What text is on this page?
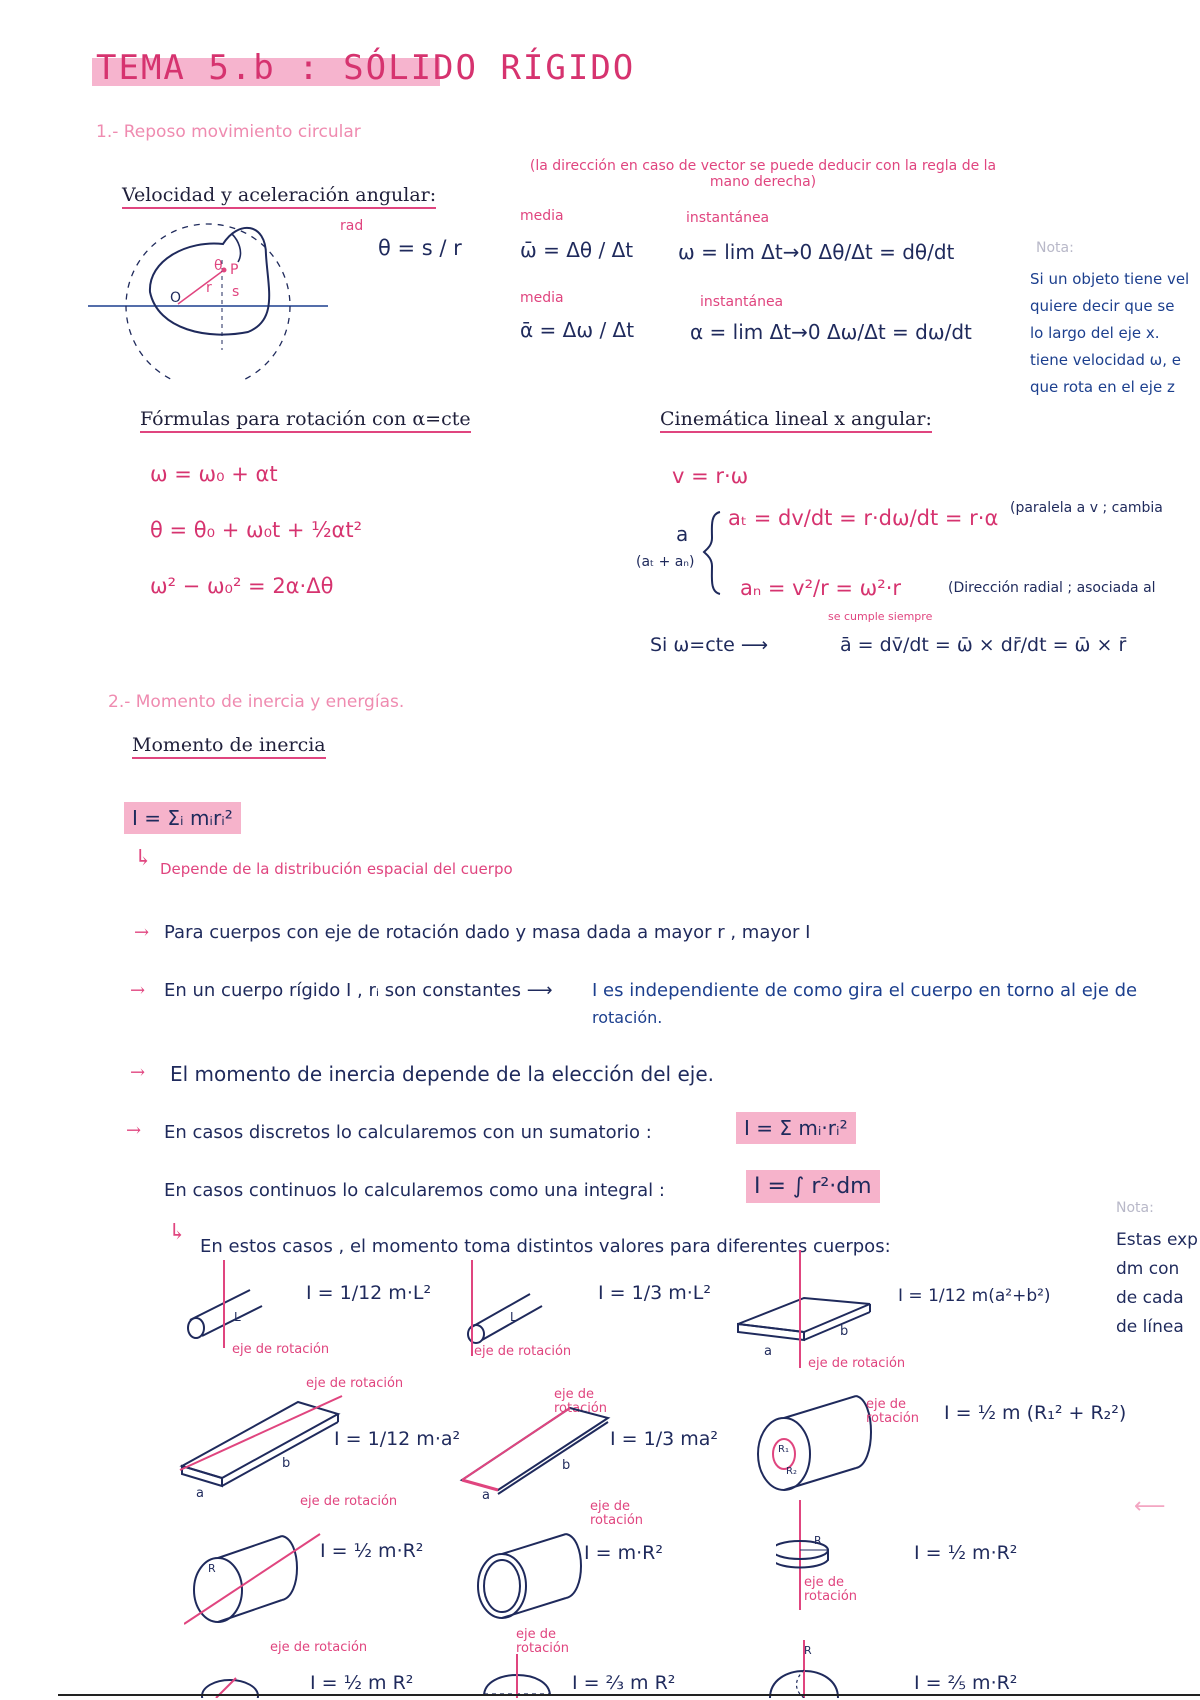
TEMA 5.b : SÓLIDO RÍGIDO
1.- Reposo movimiento circular
Velocidad y aceleración angular:
O
r
P
s
θ
rad
θ = s / r
(la dirección en caso de vector se puede deducir con la regla de la mano derecha)
media
ω̄ = Δθ / Δt
instantánea
ω = lim Δt→0 Δθ/Δt = dθ/dt
media
ᾱ = Δω / Δt
instantánea
α = lim Δt→0 Δω/Δt = dω/dt
Nota:
Si un objeto tiene vel
quiere decir que se
lo largo del eje x.
tiene velocidad ω, e
que rota en el eje z
Fórmulas para rotación con α=cte
ω = ω₀ + αt
θ = θ₀ + ω₀t + ½αt²
ω² − ω₀² = 2α·Δθ
Cinemática lineal x angular:
v = r·ω
a
(aₜ + aₙ)
aₜ = dv/dt = r·dω/dt = r·α (paralela a v ; cambia
aₙ = v²/r = ω²·r	(Dirección radial ; asociada al
se cumple siempre
Si ω=cte ⟶	ā = dv̄/dt = ω̄ × dr̄/dt = ω̄ × r̄
2.- Momento de inercia y energías.
Momento de inercia
I = Σᵢ mᵢrᵢ²
↳ Depende de la distribución espacial del cuerpo
→ Para cuerpos con eje de rotación dado y masa dada a mayor r , mayor I
→ En un cuerpo rígido I , rᵢ son constantes ⟶ I es independiente de como gira el cuerpo en torno al eje de
rotación.
→ El momento de inercia depende de la elección del eje.
→ En casos discretos lo calcularemos con un sumatorio :	I = Σ mᵢ·rᵢ²
En casos continuos lo calcularemos como una integral :	I = ∫ r²·dm
↳
En estos casos , el momento toma distintos valores para diferentes cuerpos:
Nota:
Estas exp
dm con
de cada
de línea
L
I = 1/12 m·L²
eje de rotación
L
I = 1/3 m·L²
eje de rotación	a
b
I = 1/12 m(a²+b²)
eje de rotación
eje de rotación
a
b
I = 1/12 m·a²
eje de rotación
a
b
I = 1/3 ma²	R₁
R₂
eje de rotación	I = ½ m (R₁² + R₂²)
⟵
eje de rotación
R
I = ½ m·R²
eje de rotación
I = m·R²
R
eje de rotación
I = ½ m·R²
eje de rotación
I = ½ m R²
eje de rotación
I = ⅔ m R²
R
I = ⅖ m·R²
